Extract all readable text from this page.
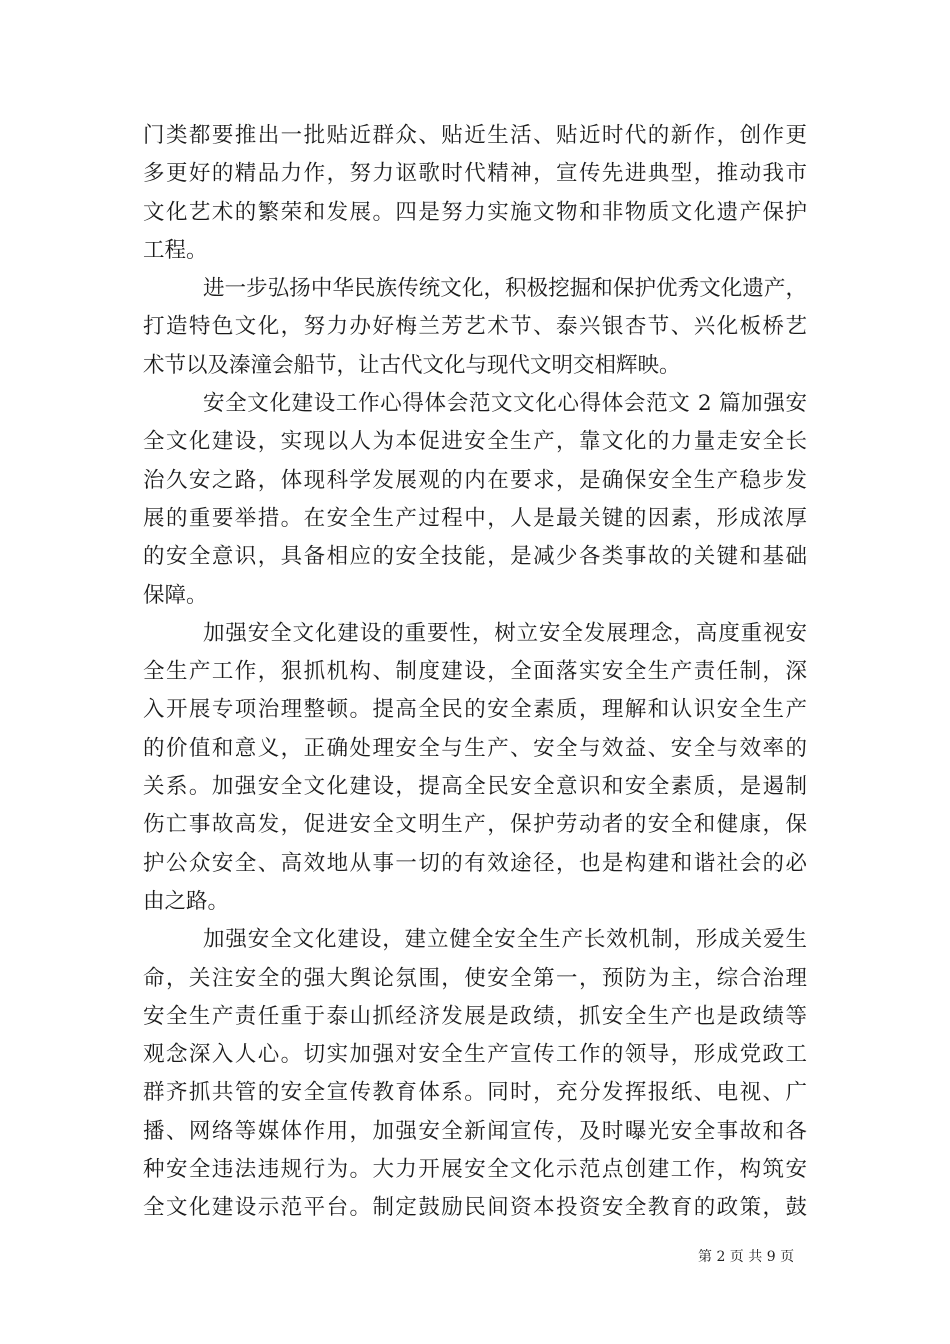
门类都要推出一批贴近群众、贴近生活、贴近时代的新作，创作更
多更好的精品力作，努力讴歌时代精神，宣传先进典型，推动我市
文化艺术的繁荣和发展。四是努力实施文物和非物质文化遗产保护
工程。
进一步弘扬中华民族传统文化，积极挖掘和保护优秀文化遗产，
打造特色文化，努力办好梅兰芳艺术节、泰兴银杏节、兴化板桥艺
术节以及溱潼会船节，让古代文化与现代文明交相辉映。
安全文化建设工作心得体会范文文化心得体会范文 2 篇加强安
全文化建设，实现以人为本促进安全生产，靠文化的力量走安全长
治久安之路，体现科学发展观的内在要求，是确保安全生产稳步发
展的重要举措。在安全生产过程中，人是最关键的因素，形成浓厚
的安全意识，具备相应的安全技能，是减少各类事故的关键和基础
保障。
加强安全文化建设的重要性，树立安全发展理念，高度重视安
全生产工作，狠抓机构、制度建设，全面落实安全生产责任制，深
入开展专项治理整顿。提高全民的安全素质，理解和认识安全生产
的价值和意义，正确处理安全与生产、安全与效益、安全与效率的
关系。加强安全文化建设，提高全民安全意识和安全素质，是遏制
伤亡事故高发，促进安全文明生产，保护劳动者的安全和健康，保
护公众安全、高效地从事一切的有效途径，也是构建和谐社会的必
由之路。
加强安全文化建设，建立健全安全生产长效机制，形成关爱生
命，关注安全的强大舆论氛围，使安全第一，预防为主，综合治理
安全生产责任重于泰山抓经济发展是政绩，抓安全生产也是政绩等
观念深入人心。切实加强对安全生产宣传工作的领导，形成党政工
群齐抓共管的安全宣传教育体系。同时，充分发挥报纸、电视、广
播、网络等媒体作用，加强安全新闻宣传，及时曝光安全事故和各
种安全违法违规行为。大力开展安全文化示范点创建工作，构筑安
全文化建设示范平台。制定鼓励民间资本投资安全教育的政策，鼓
第 2 页 共 9 页
